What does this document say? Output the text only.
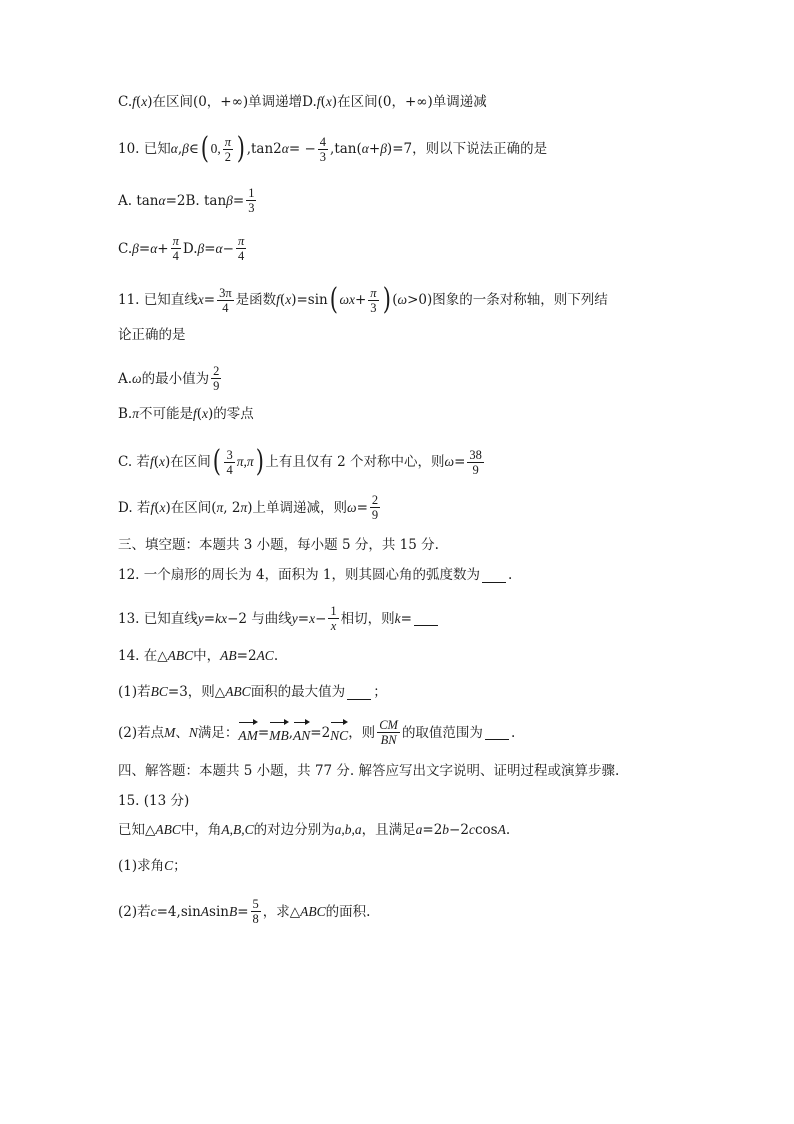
C. f ( x )在区间(0，+∞)单调递增 D. f ( x )在区间(0，+∞)单调递减
10. 已知 α , β ∈ ( 0, $\frac{\pi}{2}$ ) ,tan2 α = − $\frac{4}{3} ,\tan$( α + β )=7，则以下说法正确的是
A. tan α =2 B. $\tan \beta = \frac{1}{3}$
C. $\beta = \alpha + \frac{\pi}{4} D$. $\beta = \alpha - \frac{\pi}{4}$
11. 已知直线 $x = \frac{3\pi}{4}$ 是函数 f ( x )=sin ( $\omega x + \frac{\pi}{3}$ ) ( ω >0)图象的一条对称轴，则下列结
论正确的是
A. ω 的最小值为 $\frac{2}{9}$
B. π 不可能是 f ( x )的零点
C. 若 f ( x )在区间 ( $\frac{3}{4} \pi$, π ) 上有且仅有 2 个对称中心，则 $\omega = \frac{38}{9}$
D. 若 f ( x )在区间( π , 2 π )上单调递减，则 $\omega = \frac{2}{9}$
三、填空题：本题共 3 小题，每小题 5 分，共 15 分.
12. 一个扇形的周长为 4，面积为 1，则其圆心角的弧度数为 .
13. 已知直线 y = kx −2 与曲线 $y = x - \frac{1}{x}$ 相切，则 k =
14. 在△ ABC 中， AB =2 AC .
(1)若 BC =3，则△ ABC 面积的最大值为 ；
(2)若点 M 、 N 满足： AM = MB , AN =2 NC ，则 $\frac{CM}{BN}$ 的取值范围为 .
四、解答题：本题共 5 小题，共 77 分. 解答应写出文字说明、证明过程或演算步骤.
15. (13 分)
已知△ ABC 中，角 A,B,C 的对边分别为 a,b,a ，且满足 a =2 b −2 c cos A .
(1)求角 C ；
(2)若 c =4,sin A $\sin B = \frac{5}{8}$ ，求△ ABC 的面积.
